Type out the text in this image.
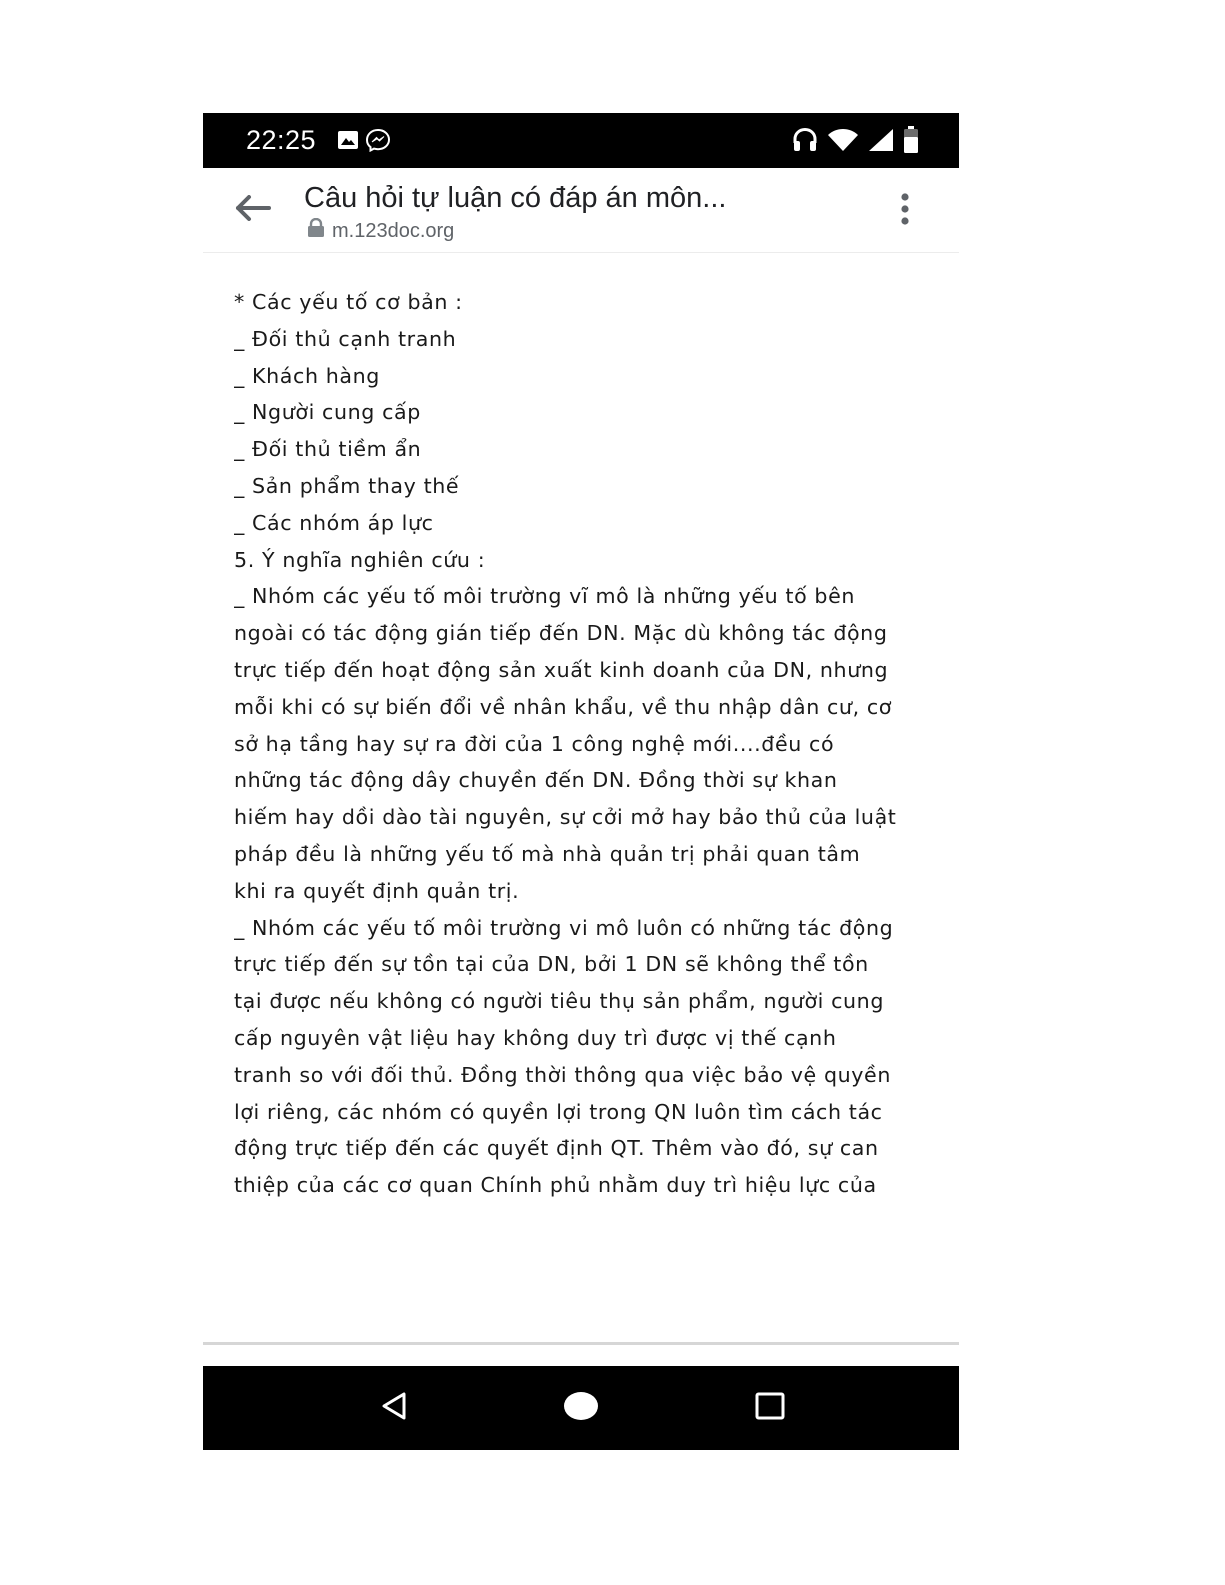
22:25
Câu hỏi tự luận có đáp án môn...
m.123doc.org
* Các yếu tố cơ bản :
_ Đối thủ cạnh tranh
_ Khách hàng
_ Người cung cấp
_ Đối thủ tiềm ẩn
_ Sản phẩm thay thế
_ Các nhóm áp lực
5. Ý nghĩa nghiên cứu :
_ Nhóm các yếu tố môi trường vĩ mô là những yếu tố bên
ngoài có tác động gián tiếp đến DN. Mặc dù không tác động
trực tiếp đến hoạt động sản xuất kinh doanh của DN, nhưng
mỗi khi có sự biến đổi về nhân khẩu, về thu nhập dân cư, cơ
sở hạ tầng hay sự ra đời của 1 công nghệ mới....đều có
những tác động dây chuyền đến DN. Đồng thời sự khan
hiếm hay dồi dào tài nguyên, sự cởi mở hay bảo thủ của luật
pháp đều là những yếu tố mà nhà quản trị phải quan tâm
khi ra quyết định quản trị.
_ Nhóm các yếu tố môi trường vi mô luôn có những tác động
trực tiếp đến sự tồn tại của DN, bởi 1 DN sẽ không thể tồn
tại được nếu không có người tiêu thụ sản phẩm, người cung
cấp nguyên vật liệu hay không duy trì được vị thế cạnh
tranh so với đối thủ. Đồng thời thông qua việc bảo vệ quyền
lợi riêng, các nhóm có quyền lợi trong QN luôn tìm cách tác
động trực tiếp đến các quyết định QT. Thêm vào đó, sự can
thiệp của các cơ quan Chính phủ nhằm duy trì hiệu lực của
